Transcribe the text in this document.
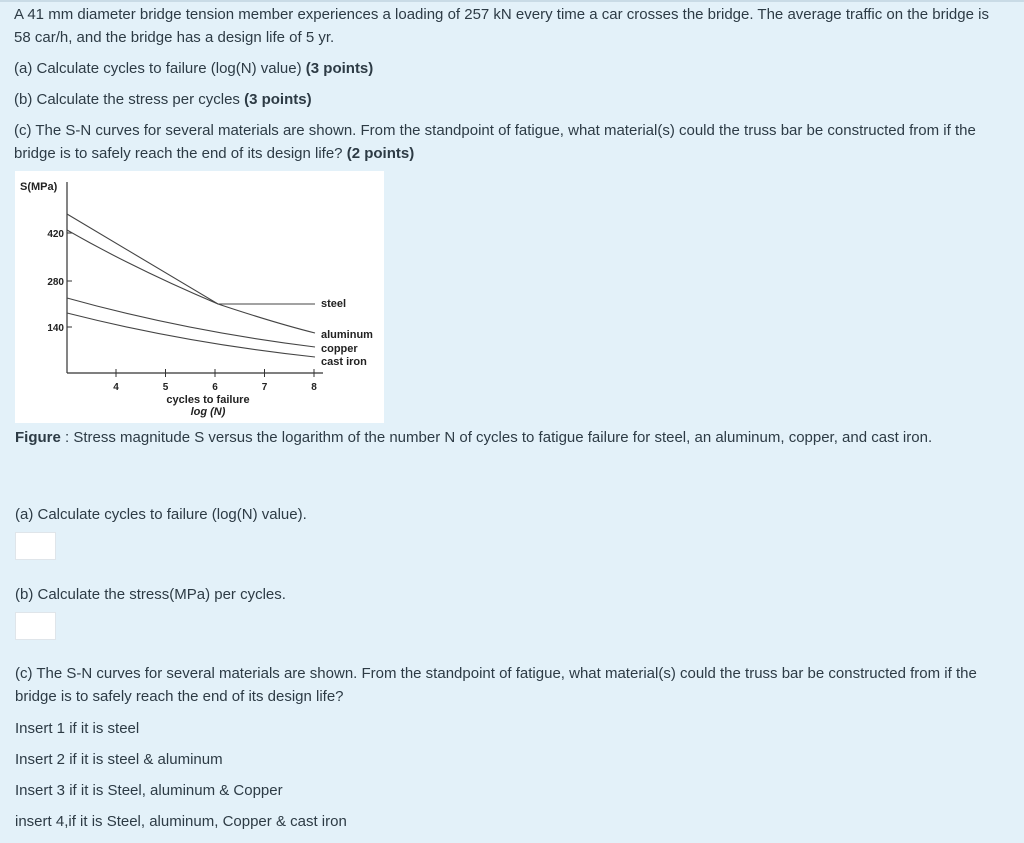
A 41 mm diameter bridge tension member experiences a loading of 257 kN every time a car crosses the bridge. The average traffic on the bridge is 58 car/h, and the bridge has a design life of 5 yr.

(a) Calculate cycles to failure (log(N) value) (3 points)

(b) Calculate the stress per cycles (3 points)

(c) The S-N curves for several materials are shown. From the standpoint of fatigue, what material(s) could the truss bar be constructed from if the bridge is to safely reach the end of its design life? (2 points)

S(MPa)
420
280
140
4	5	6	7	8
steel
aluminum
copper
cast iron
cycles to failure
log (N)

Figure : Stress magnitude S versus the logarithm of the number N of cycles to fatigue failure for steel, an aluminum, copper, and cast iron.

(a) Calculate cycles to failure (log(N) value).

(b) Calculate the stress(MPa) per cycles.

(c) The S-N curves for several materials are shown. From the standpoint of fatigue, what material(s) could the truss bar be constructed from if the bridge is to safely reach the end of its design life?

Insert 1 if it is steel

Insert 2 if it is steel & aluminum

Insert 3 if it is Steel, aluminum & Copper

insert 4,if it is Steel, aluminum, Copper & cast iron
